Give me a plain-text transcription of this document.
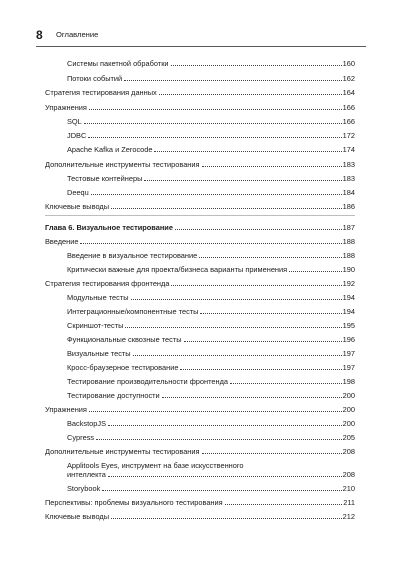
8 Оглавление
Системы пакетной обработки	160
Потоки событий	162
Стратегия тестирования данных	164
Упражнения	166
SQL	166
JDBC	172
Apache Kafka и Zerocode	174
Дополнительные инструменты тестирования	183
Тестовые контейнеры	183
Deequ	184
Ключевые выводы	186
Глава 6. Визуальное тестирование	187
Введение	188
Введение в визуальное тестирование	188
Критически важные для проекта/бизнеса варианты применения	190
Стратегия тестирования фронтенда	192
Модульные тесты	194
Интеграционные/компонентные тесты	194
Скриншот-тесты	195
Функциональные сквозные тесты	196
Визуальные тесты	197
Кросс-браузерное тестирование	197
Тестирование производительности фронтенда	198
Тестирование доступности	200
Упражнения	200
BackstopJS	200
Cypress	205
Дополнительные инструменты тестирования	208
Applitools Eyes, инструмент на базе искусственного
интеллекта	208
Storybook	210
Перспективы: проблемы визуального тестирования	211
Ключевые выводы	212
